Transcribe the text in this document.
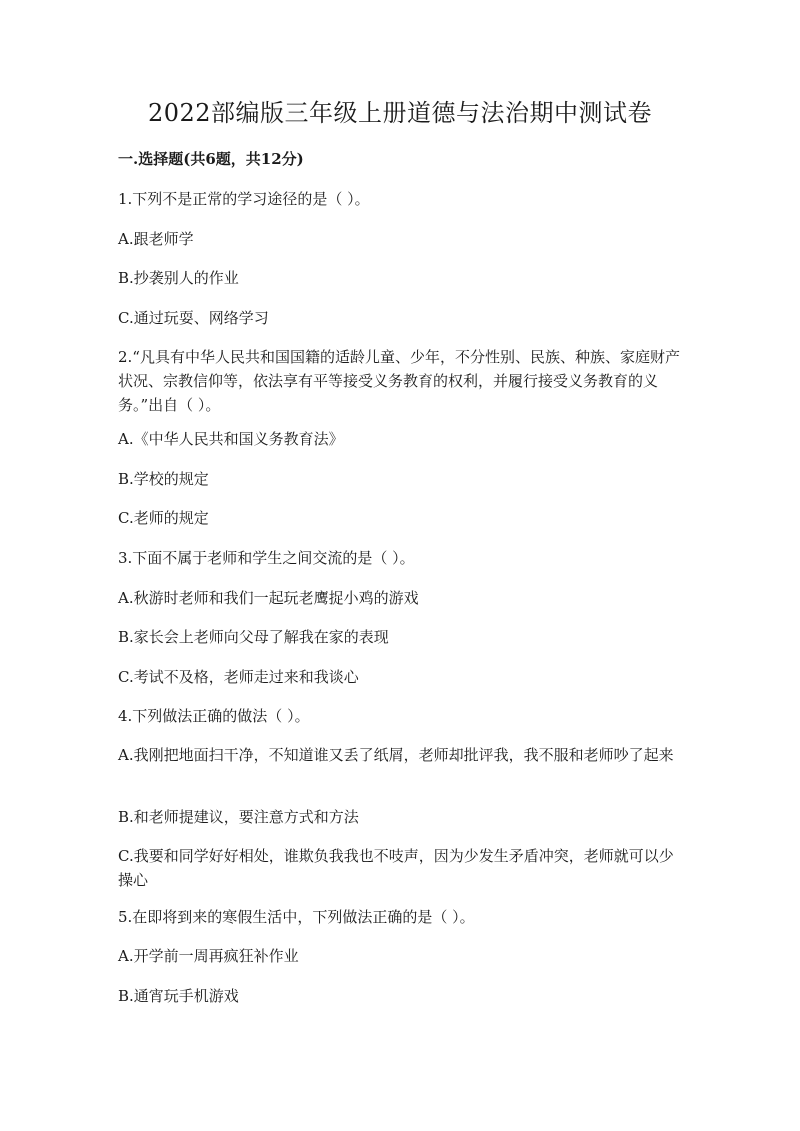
2022部编版三年级上册道德与法治期中测试卷
一.选择题(共6题，共12分)
1.下列不是正常的学习途径的是（ ）。
A.跟老师学
B.抄袭别人的作业
C.通过玩耍、网络学习
2.“凡具有中华人民共和国国籍的适龄儿童、少年，不分性别、民族、种族、家庭财产状况、宗教信仰等，依法享有平等接受义务教育的权利，并履行接受义务教育的义务。”出自（ ）。
A.《中华人民共和国义务教育法》
B.学校的规定
C.老师的规定
3.下面不属于老师和学生之间交流的是（ ）。
A.秋游时老师和我们一起玩老鹰捉小鸡的游戏
B.家长会上老师向父母了解我在家的表现
C.考试不及格，老师走过来和我谈心
4.下列做法正确的做法（ ）。
A.我刚把地面扫干净，不知道谁又丢了纸屑，老师却批评我，我不服和老师吵了起来
B.和老师提建议，要注意方式和方法
C.我要和同学好好相处，谁欺负我我也不吱声，因为少发生矛盾冲突，老师就可以少操心
5.在即将到来的寒假生活中，下列做法正确的是（ ）。
A.开学前一周再疯狂补作业
B.通宵玩手机游戏
